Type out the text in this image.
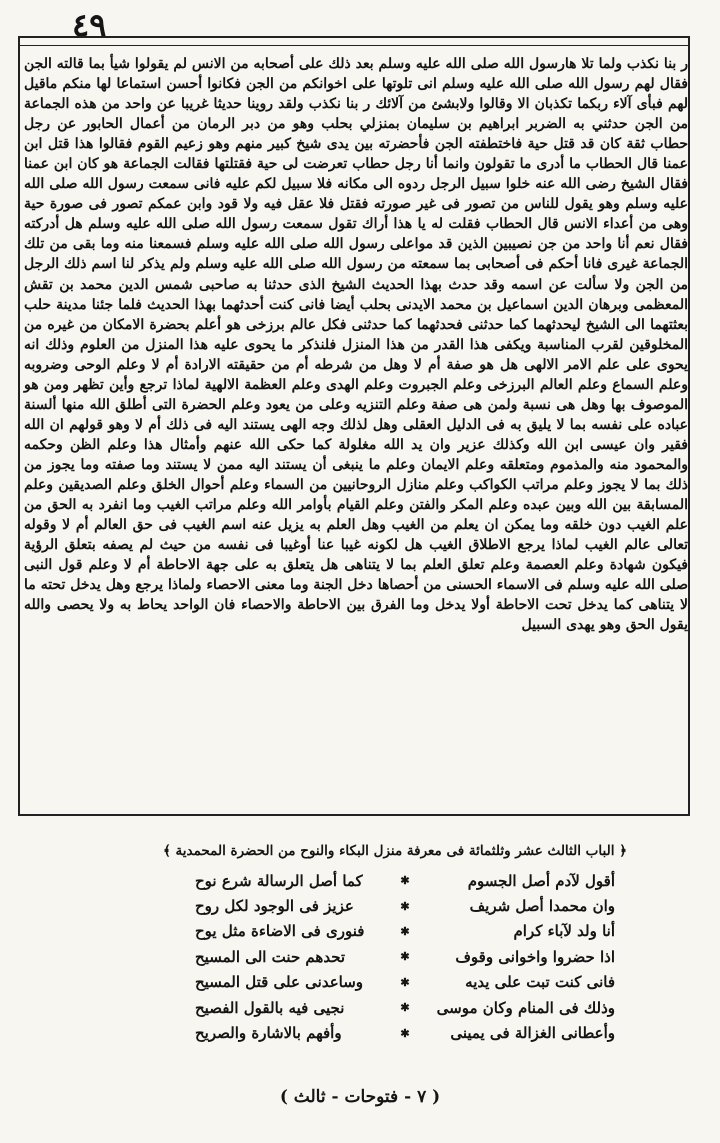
٤٩

ر بنا نكذب ولما تلا هارسول الله صلى الله عليه وسلم بعد ذلك على أصحابه من الانس لم يقولوا شيأ بما قالته الجن فقال لهم رسول الله صلى الله عليه وسلم انى تلوتها على اخوانكم من الجن فكانوا أحسن استماعا لها منكم ماقيل لهم فبأى آلاء ربكما تكذبان الا وقالوا ولابشئ من آلائك ر بنا نكذب ولقد روينا حديثا غريبا عن واحد من هذه الجماعة من الجن حدثني به الضربر ابراهيم بن سليمان بمنزلي بحلب وهو من دبر الرمان من أعمال الحابور عن رجل حطاب ثقة كان قد قتل حية فاختطفته الجن فأحضرته بين يدى شيخ كبير منهم وهو زعيم القوم فقالوا هذا قتل ابن عمنا قال الحطاب ما أدرى ما تقولون وانما أنا رجل حطاب تعرضت لى حية فقتلتها فقالت الجماعة هو كان ابن عمنا فقال الشيخ رضى الله عنه خلوا سبيل الرجل ردوه الى مكانه فلا سبيل لكم عليه فانى سمعت رسول الله صلى الله عليه وسلم وهو يقول للناس من تصور فى غير صورته فقتل فلا عقل فيه ولا قود وابن عمكم تصور فى صورة حية وهى من أعداء الانس قال الحطاب فقلت له يا هذا أراك تقول سمعت رسول الله صلى الله عليه وسلم هل أدركته فقال نعم أنا واحد من جن نصيبين الذين قد مواعلى رسول الله صلى الله عليه وسلم فسمعنا منه وما بقى من تلك الجماعة غيرى فانا أحكم فى أصحابى بما سمعته من رسول الله صلى الله عليه وسلم ولم يذكر لنا اسم ذلك الرجل من الجن ولا سألت عن اسمه وقد حدث بهذا الحديث الشيخ الذى حدثنا به صاحبى شمس الدين محمد بن تقش المعظمى وبرهان الدين اسماعيل بن محمد الايدنى بحلب أيضا فانى كنت أحدثهما بهذا الحديث فلما جئنا مدينة حلب بعثتهما الى الشيخ ليحدثهما كما حدثنى فحدثهما كما حدثنى فكل عالم برزخى هو أعلم بحضرة الامكان من غيره من المخلوقين لقرب المناسبة ويكفى هذا القدر من هذا المنزل فلنذكر ما يحوى عليه هذا المنزل من العلوم وذلك انه يحوى على علم الامر الالهى هل هو صفة أم لا وهل من شرطه أم من حقيقته الارادة أم لا وعلم الوحى وضروبه وعلم السماع وعلم العالم البرزخى وعلم الجبروت وعلم الهدى وعلم العظمة الالهية لماذا ترجع وأين تظهر ومن هو الموصوف بها وهل هى نسبة ولمن هى صفة وعلم التنزيه وعلى من يعود وعلم الحضرة التى أطلق الله منها ألسنة عباده على نفسه بما لا يليق به فى الدليل العقلى وهل لذلك وجه الهى يستند اليه فى ذلك أم لا وهو قولهم ان الله فقير وان عيسى ابن الله وكذلك عزير وان يد الله مغلولة كما حكى الله عنهم وأمثال هذا وعلم الظن وحكمه والمحمود منه والمذموم ومتعلقه وعلم الايمان وعلم ما ينبغى أن يستند اليه ممن لا يستند وما صفته وما يجوز من ذلك بما لا يجوز وعلم مراتب الكواكب وعلم منازل الروحانيين من السماء وعلم أحوال الخلق وعلم الصديقين وعلم المسابقة بين الله وبين عبده وعلم المكر والفتن وعلم القيام بأوامر الله وعلم مراتب الغيب وما انفرد به الحق من علم الغيب دون خلقه وما يمكن ان يعلم من الغيب وهل العلم به يزيل عنه اسم الغيب فى حق العالم أم لا وقوله تعالى عالم الغيب لماذا يرجع الاطلاق الغيب هل لكونه غيبا عنا أوغيبا فى نفسه من حيث لم يصفه بتعلق الرؤية فيكون شهادة وعلم العصمة وعلم تعلق العلم بما لا يتناهى هل يتعلق به على جهة الاحاطة أم لا وعلم قول النبى صلى الله عليه وسلم فى الاسماء الحسنى من أحصاها دخل الجنة وما معنى الاحصاء ولماذا يرجع وهل يدخل تحته ما لا يتناهى كما يدخل تحت الاحاطة أولا يدخل وما الفرق بين الاحاطة والاحصاء فان الواحد يحاط به ولا يحصى والله يقول الحق وهو يهدى السبيل

﴿ الباب الثالث عشر وثلثمائة فى معرفة منزل البكاء والنوح من الحضرة المحمدية ﴾
أقول لآدم أصل الجسوم
✱
كما أصل الرسالة شرع نوح
وان محمدا أصل شريف
✱
عزيز فى الوجود لكل روح
أنا ولد لآباء كرام
✱
فنورى فى الاضاءة مثل يوح
اذا حضروا واخوانى وقوف
✱
تحدهم حنت الى المسيح
فانى كنت تبت على يديه
✱
وساعدنى على قتل المسيح
وذلك فى المنام وكان موسى
✱
نجيى فيه بالقول الفصيح
وأعطانى الغزالة فى يمينى
✱
وأفهم بالاشارة والصريح
( ٧ - فتوحات - ثالث )
